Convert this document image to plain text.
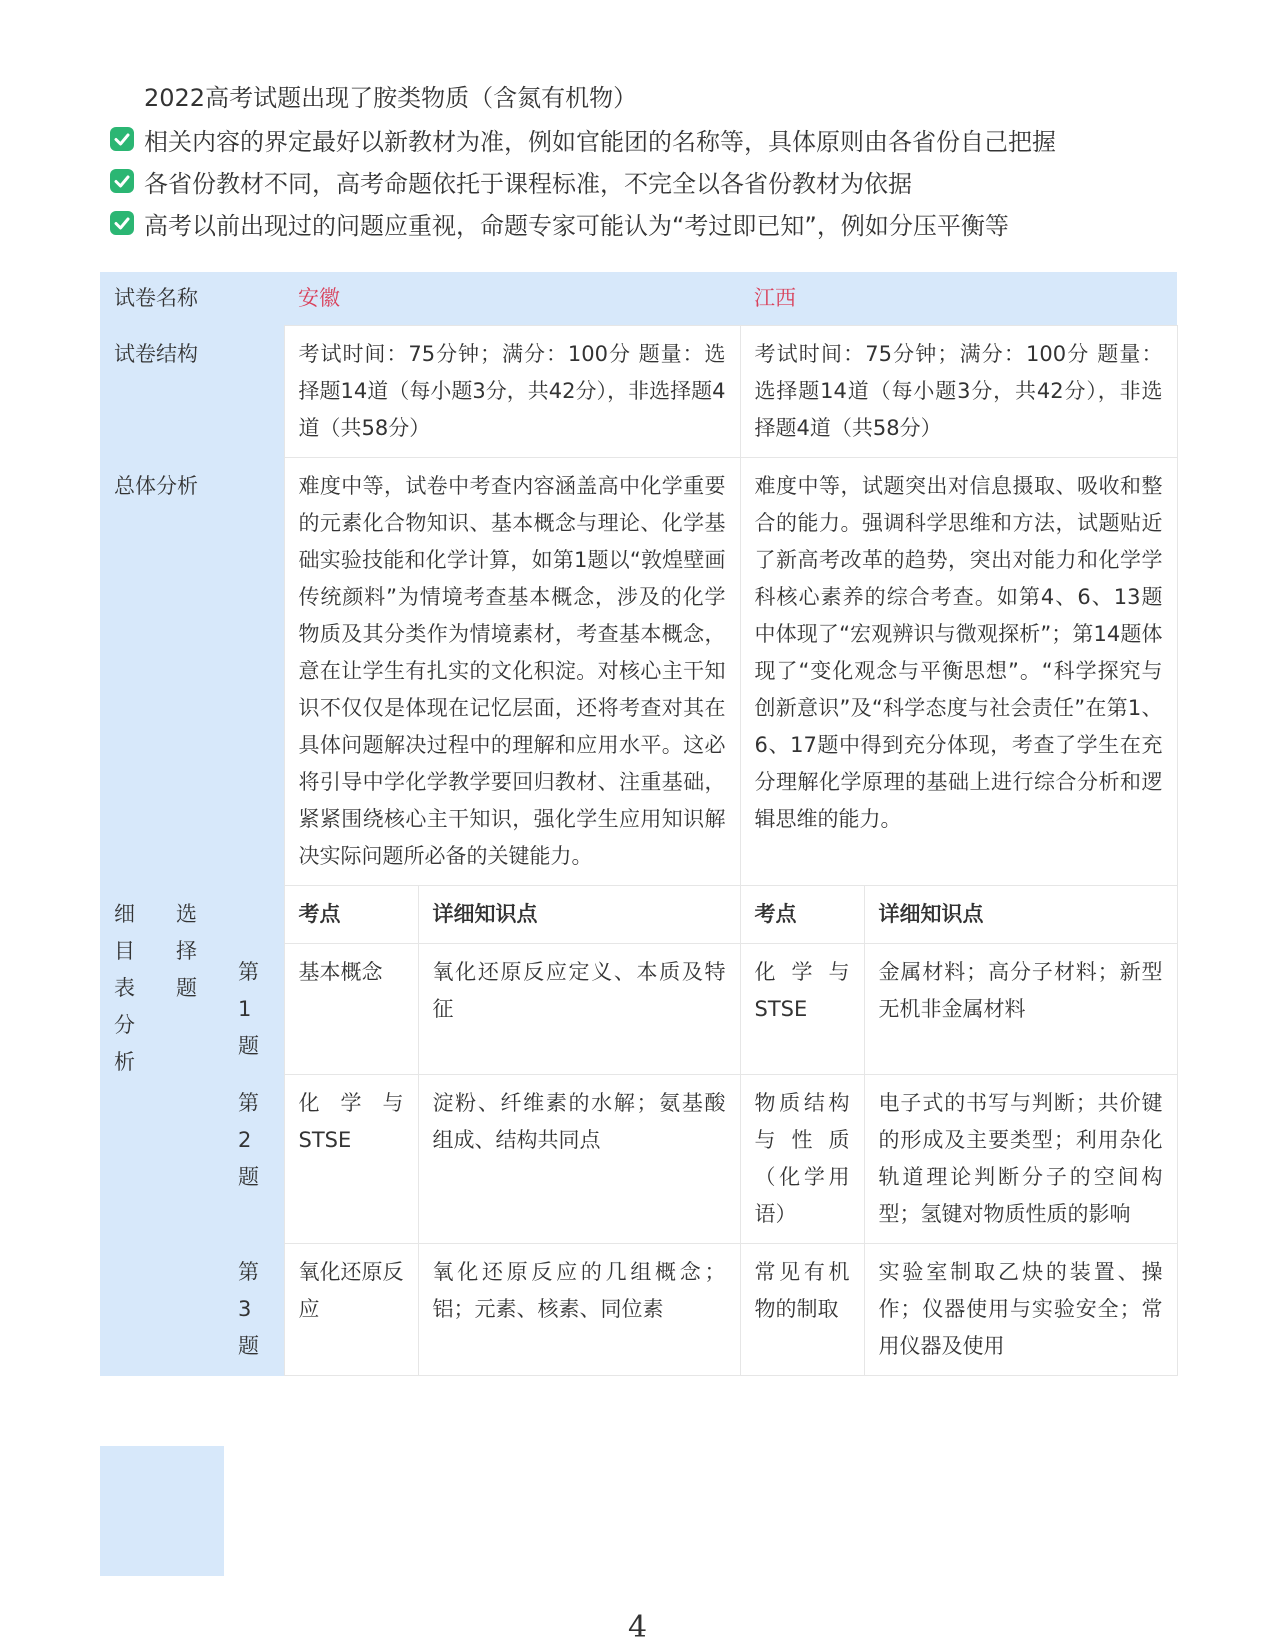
2022高考试题出现了胺类物质（含氮有机物）
相关内容的界定最好以新教材为准，例如官能团的名称等，具体原则由各省份自己把握
各省份教材不同，高考命题依托于课程标准，不完全以各省份教材为依据
高考以前出现过的问题应重视，命题专家可能认为“考过即已知”，例如分压平衡等
试卷名称			安徽		江西	
试卷结构			考试时间：75分钟；满分：100分 题量：选择题14道（每小题3分，共42分），非选择题4道（共58分）		考试时间：75分钟；满分：100分 题量：选择题14道（每小题3分，共42分），非选择题4道（共58分）	
总体分析			难度中等，试卷中考查内容涵盖高中化学重要的元素化合物知识、基本概念与理论、化学基础实验技能和化学计算，如第1题以“敦煌壁画传统颜料”为情境考查基本概念，涉及的化学物质及其分类作为情境素材，考查基本概念，意在让学生有扎实的文化积淀。对核心主干知识不仅仅是体现在记忆层面，还将考查对其在具体问题解决过程中的理解和应用水平。这必将引导中学化学教学要回归教材、注重基础，紧紧围绕核心主干知识，强化学生应用知识解决实际问题所必备的关键能力。		难度中等，试题突出对信息摄取、吸收和整合的能力。强调科学思维和方法，试题贴近了新高考改革的趋势，突出对能力和化学学科核心素养的综合考查。如第4、6、13题中体现了“宏观辨识与微观探析”；第14题体现了“变化观念与平衡思想”。“科学探究与创新意识”及“科学态度与社会责任”在第1、6、17题中得到充分体现，考查了学生在充分理解化学原理的基础上进行综合分析和逻辑思维的能力。	
细目表分析	选择题		考点	详细知识点	考点	详细知识点
		第1题	基本概念	氧化还原反应定义、本质及特征	化学与STSE	金属材料；高分子材料；新型无机非金属材料
		第2题	化学与STSE	淀粉、纤维素的水解；氨基酸组成、结构共同点	物质结构与性质（化学用语）	电子式的书写与判断；共价键的形成及主要类型；利用杂化轨道理论判断分子的空间构型；氢键对物质性质的影响
		第3题	氧化还原反应	氧化还原反应的几组概念；铝；元素、核素、同位素	常见有机物的制取	实验室制取乙炔的装置、操作；仪器使用与实验安全；常用仪器及使用
4
